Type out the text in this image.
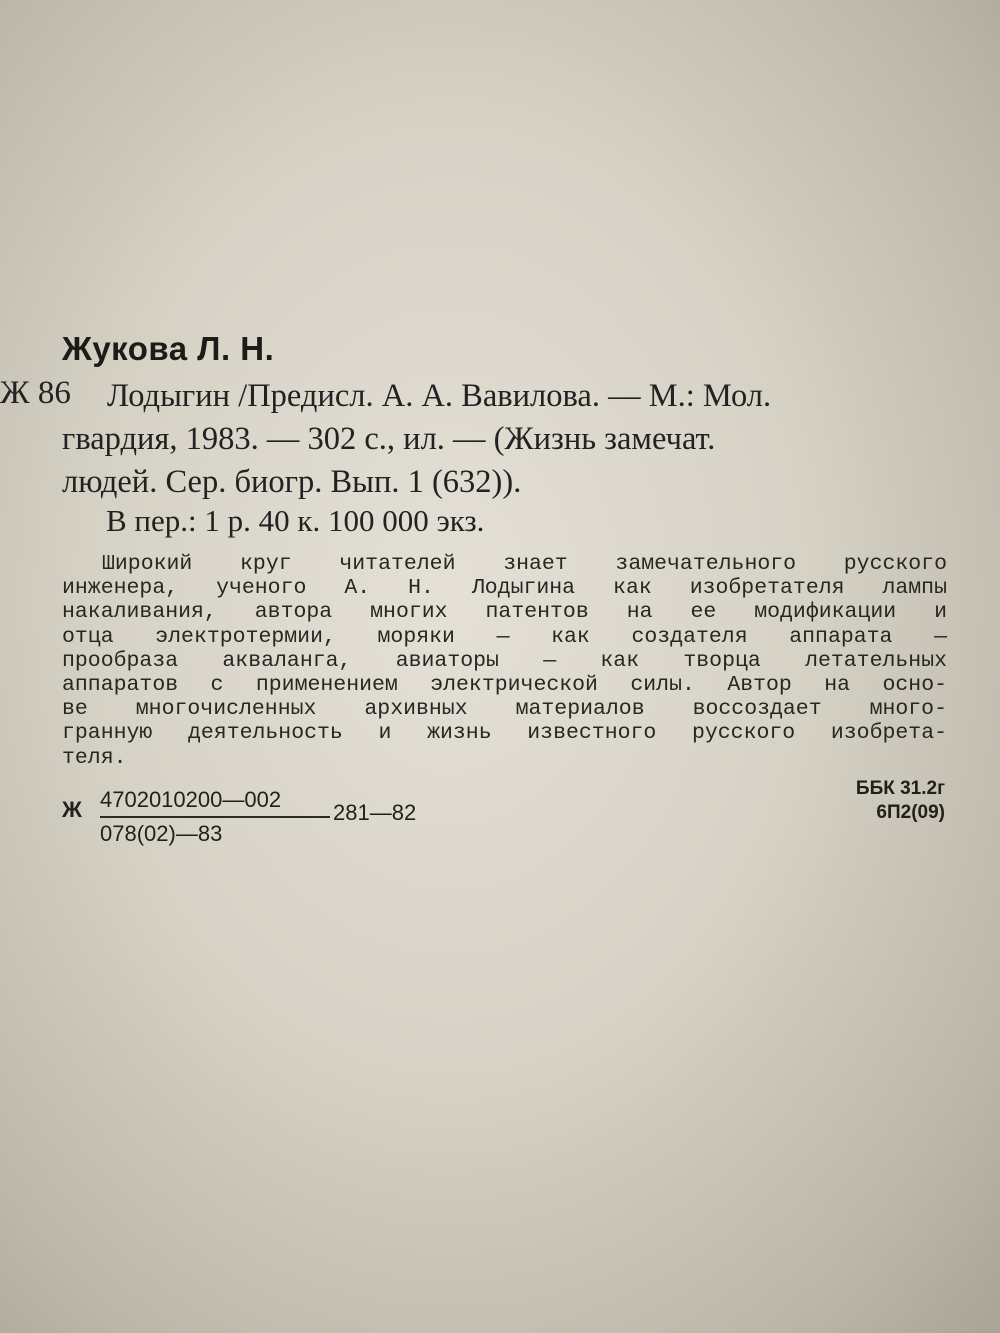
Жукова Л. Н.
Ж 86	Лодыгин /Предисл. А. А. Вавилова. — М.: Мол.
гвардия, 1983. — 302 с., ил. — (Жизнь замечат.
людей. Сер. биогр. Вып. 1 (632)).
В пер.: 1 р. 40 к. 100 000 экз.
Широкий круг читателей знает замечательного русского
инженера, ученого А. Н. Лодыгина как изобретателя лампы
накаливания, автора многих патентов на ее модификации и
отца электротермии, моряки — как создателя аппарата —
прообраза акваланга, авиаторы — как творца летательных
аппаратов с применением электрической силы. Автор на осно-
ве многочисленных архивных материалов воссоздает много-
гранную деятельность и жизнь известного русского изобрета-
теля.
Ж $\frac{4702010200—002}{078(02)—83}$ 281—82
ББК 31.2г
6П2(09)
